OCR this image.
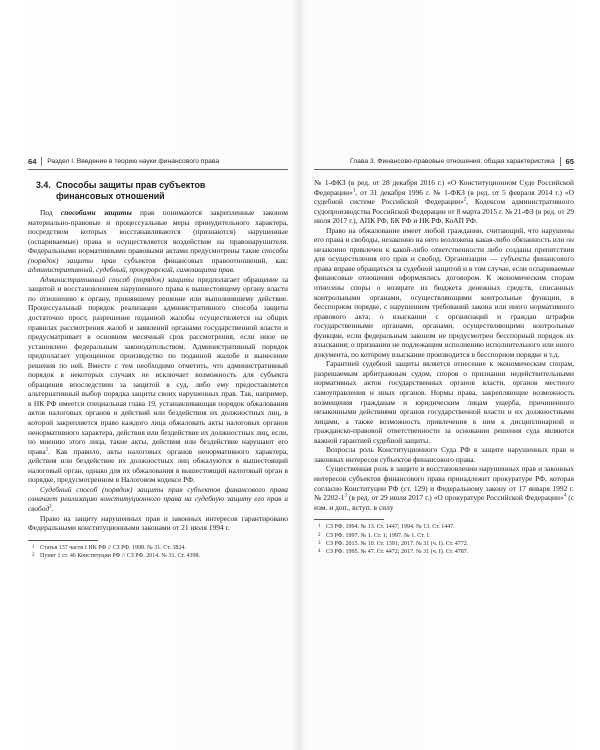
64 Раздел I. Введение в теорию науки финансового права
3.4. Способы защиты прав субъектов
финансовых отношений

Под способами защиты прав понимаются закрепленные законом материально-правовые и процессуальные меры принудительного характера, посредством которых восстанавливаются (признаются) нарушенные (оспариваемые) права и осуществляется воздействие на правонарушителя. Федеральными нормативными правовыми актами предусмотрены такие способы (порядок) защиты прав субъектов финансовых правоотношений, как: административный, судебный, прокурорский, самозащита прав.

Административный способ (порядок) защиты предполагает обращение за защитой и восстановлением нарушенного права к вышестоящему органу власти по отношению к органу, принявшему решение или выполнившему действие. Процессуальный порядок реализации административного способа защиты достаточно прост, разрешение поданной жалобы осуществляется на общих правилах рассмотрения жалоб и заявлений органами государственной власти и предусматривает в основном месячный срок рассмотрения, если иное не установлено федеральным законодательством. Административный порядок предполагает упрощенное производство по поданной жалобе и вынесение решения по ней. Вместе с тем необходимо отметить, что административный порядок в некоторых случаях не исключает возможность для субъекта обращения впоследствии за защитой в суд, либо ему предоставляется альтернативный выбор порядка защиты своих нарушенных прав. Так, например, в НК РФ имеется специальная глава 19, устанавливающая порядок обжалования актов налоговых органов и действий или бездействия их должностных лиц, в которой закрепляется право каждого лица обжаловать акты налоговых органов ненормативного характера, действия или бездействие их должностных лиц, если, по мнению этого лица, такие акты, действия или бездействие нарушают его права$^1$. Как правило, акты налоговых органов ненормативного характера, действия или бездействие их должностных лиц обжалуются в вышестоящий налоговый орган, однако для их обжалования в вышестоящий налоговый орган в порядке, предусмотренном в Налоговом кодексе РФ.

Судебный способ (порядок) защиты прав субъектов финансового права означает реализацию конституционного права на судебную защиту его прав и свобод$^2$.

Право на защиту нарушенных прав и законных интересов гарантировано Федеральными конституционными законами от 21 июля 1994 г.

1 Статья 137 части I НК РФ // СЗ РФ. 1998. № 31. Ст. 3824.
2 Пункт 1 ст. 46 Конституции РФ // СЗ РФ. 2014. № 31. Ст. 4398.
Глава 3. Финансово-правовые отношения: общая характеристика 65

№ 1-ФКЗ (в ред. от 28 декабря 2016 г.) «О Конституционном Суде Российской Федерации»$^1$, от 31 декабря 1996 г. № 1-ФКЗ (в ред. от 5 февраля 2014 г.) «О судебной системе Российской Федерации»$^2$, Кодексом административного судопроизводства Российской Федерации от 8 марта 2015 г. № 21-ФЗ (в ред. от 29 июля 2017 г.), АПК РФ, БК РФ и НК РФ, КоАП РФ.

Право на обжалование имеет любой гражданин, считающий, что нарушены его права и свободы, незаконно на него возложена какая-либо обязанность или он незаконно привлечен к какой-либо ответственности либо созданы препятствия для осуществления его прав и свобод. Организации — субъекты финансового права вправе обращаться за судебной защитой и в том случае, если оспариваемые финансовые отношения оформлялись договором. К экономическим спорам отнесены споры о возврате из бюджета денежных средств, списанных контрольными органами, осуществляющими контрольные функции, в бесспорном порядке, с нарушением требований закона или иного нормативного правового акта; о взыскании с организаций и граждан штрафов государственными органами, органами, осуществляющими контрольные функции, если федеральным законом не предусмотрен бесспорный порядок их взыскания; о признании не подлежащим исполнению исполнительного или иного документа, по которому взыскание производится в бесспорном порядке и т.д.

Гарантией судебной защиты является отнесение к экономическим спорам, разрешаемым арбитражным судом, споров о признании недействительными нормативных актов государственных органов власти, органов местного самоуправления и иных органов. Нормы права, закрепляющие возможность возмещения гражданам и юридическим лицам ущерба, причиненного незаконными действиями органов государственной власти и их должностными лицами, а также возможность привлечения к ним к дисциплинарной и гражданско-правовой ответственности за основании решения суда являются важной гарантией судебной защиты.

Возросла роль Конституционного Суда РФ в защите нарушенных прав и законных интересов субъектов финансового права.

Существенная роль в защите и восстановлении нарушенных прав и законных интересов субъектов финансового права принадлежит прокуратуре РФ, которая согласно Конституции РФ (ст. 129) и Федеральному закону от 17 января 1992 г. № $2202-1^3$ (в ред. от 29 июля 2017 г.) «О прокуратуре Российской Федерации»$^4$ (с изм. и доп., вступ. в силу

1 СЗ РФ. 1994. № 13. Ст. 1447; 1994. № 13. Ст. 1447.
2 СЗ РФ. 1997. № 1. Ст. 1; 1997. № 1. Ст. 1.
3 СЗ РФ. 2015. № 10. Ст. 1391; 2017. № 31 (ч. I). Ст. 4772.
4 СЗ РФ. 1995. № 47. Ст. 4472; 2017. № 31 (ч. I). Ст. 4787.
